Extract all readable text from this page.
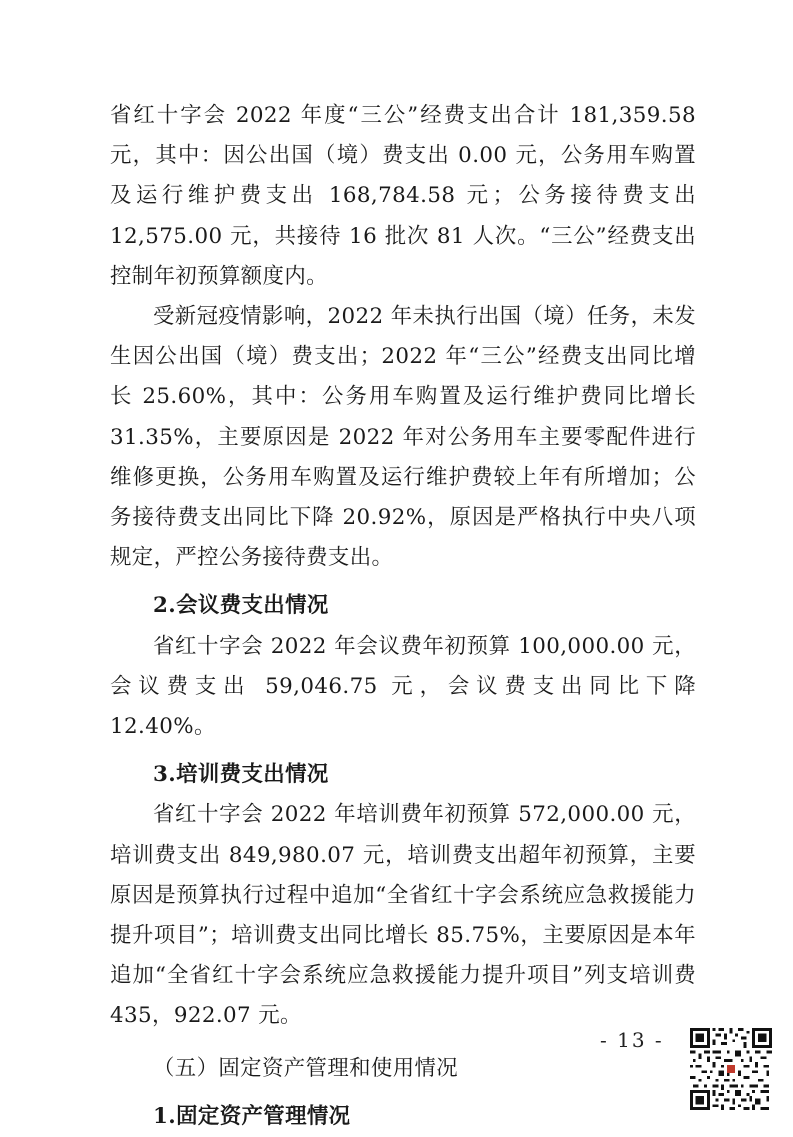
省红十字会 2022 年度“三公”经费支出合计 181,359.58 元，其中：因公出国（境）费支出 0.00 元，公务用车购置及运行维护费支出 168,784.58 元；公务接待费支出 12,575.00 元，共接待 16 批次 81 人次。“三公”经费支出控制年初预算额度内。

受新冠疫情影响，2022 年未执行出国（境）任务，未发生因公出国（境）费支出；2022 年“三公”经费支出同比增长 25.60%，其中：公务用车购置及运行维护费同比增长 31.35%，主要原因是 2022 年对公务用车主要零配件进行维修更换，公务用车购置及运行维护费较上年有所增加；公务接待费支出同比下降 20.92%，原因是严格执行中央八项规定，严控公务接待费支出。

2.会议费支出情况

省红十字会 2022 年会议费年初预算 100,000.00 元，会议费支出 59,046.75 元，会议费支出同比下降 12.40%。

3.培训费支出情况

省红十字会 2022 年培训费年初预算 572,000.00 元，培训费支出 849,980.07 元，培训费支出超年初预算，主要原因是预算执行过程中追加“全省红十字会系统应急救援能力提升项目”；培训费支出同比增长 85.75%，主要原因是本年追加“全省红十字会系统应急救援能力提升项目”列支培训费 435，922.07 元。

（五）固定资产管理和使用情况

1.固定资产管理情况

- 13 -
